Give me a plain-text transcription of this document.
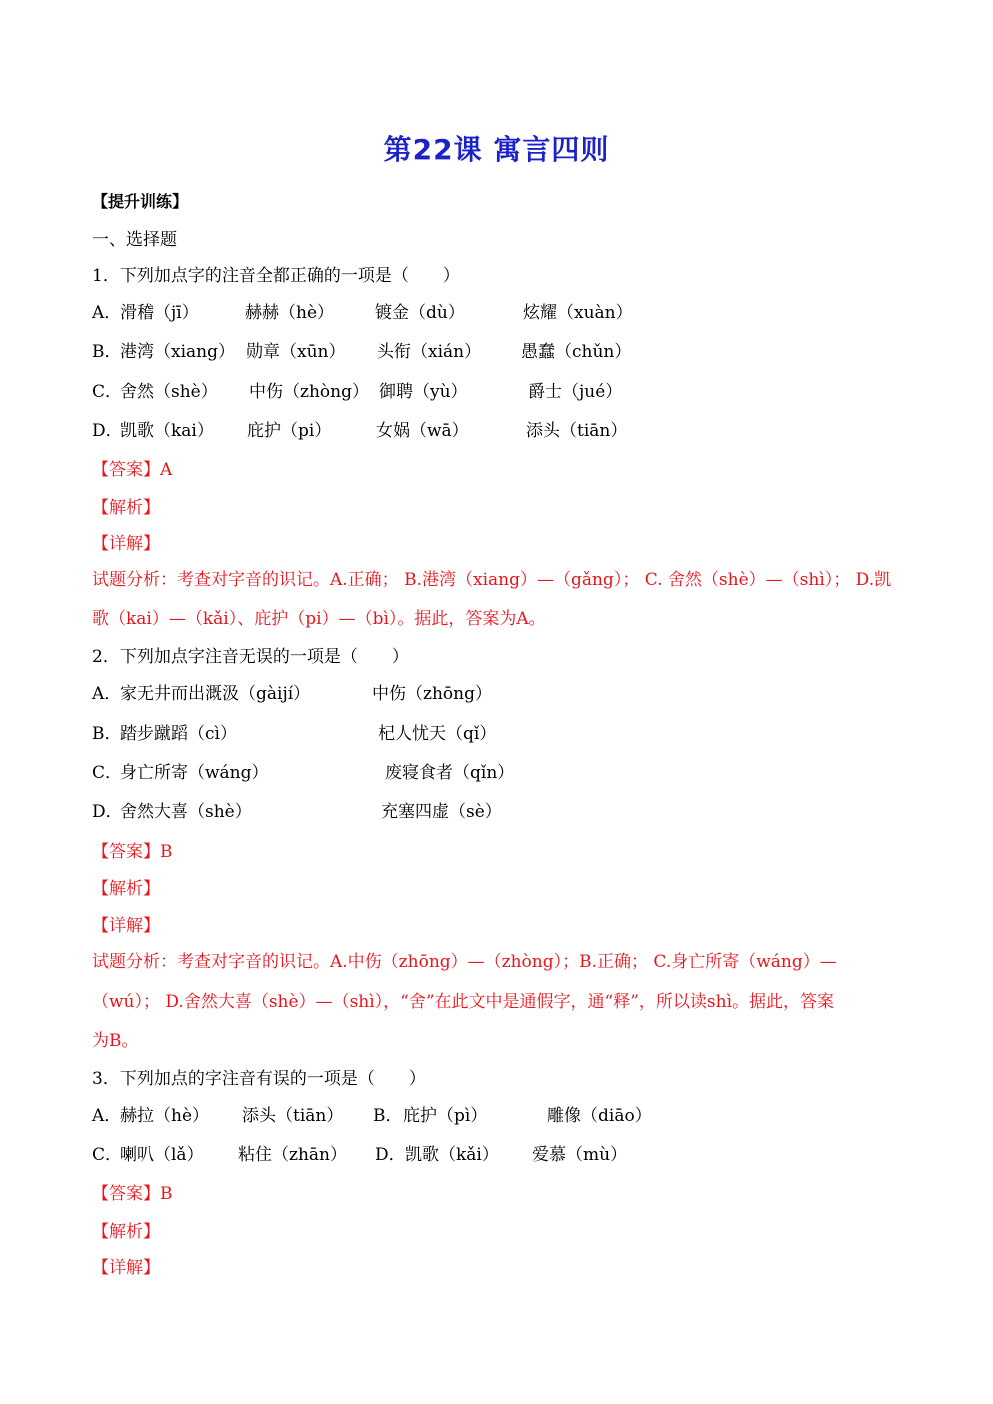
第22课 寓言四则
【提升训练】
一、选择题
1．下列加点字的注音全都正确的一项是（　　）
A．
滑稽（jī）	赫赫（hè） 镀金（dù）	炫耀（xuàn）
B．
港湾（xiang） 勋章（xūn） 头衔（xián） 愚蠢（chǔn）
C．
舍然（shè） 中伤（zhòng） 御聘（yù）	爵士（jué）
D．
凯歌（kai） 庇护（pi）	女娲（wā）	添头（tiān）
【答案】A
【解析】
【详解】
试题分析：考查对字音的识记。A.正确； B.港湾（xiang）—（gǎng）； C. 舍然（shè）—（shì）； D.凯
歌（kai）—（kǎi）、庇护（pi）—（bì）。据此，答案为A。
2．下列加点字注音无误的一项是（　　）
A．
家无井而出溉汲（gàijí）	中伤（zhōng）
B．
踏步蹴蹈（cì）	杞人忧天（qǐ）
C．
身亡所寄（wáng）	废寝食者（qǐn）
D．
舍然大喜（shè）	充塞四虚（sè）
【答案】B
【解析】
【详解】
试题分析：考查对字音的识记。A.中伤（zhōng）—（zhòng）；B.正确； C.身亡所寄（wáng）—
（wú）； D.舍然大喜（shè）—（shì），“舍”在此文中是通假字，通“释”，所以读shì。据此，答案
为B。
3．下列加点的字注音有误的一项是（　　）
A．
赫拉（hè） 添头（tiān） B． 庇护（pì）	雕像（diāo）
C．
喇叭（lǎ） 粘住（zhān） D． 凯歌（kǎi） 爱慕（mù）
【答案】B
【解析】
【详解】
